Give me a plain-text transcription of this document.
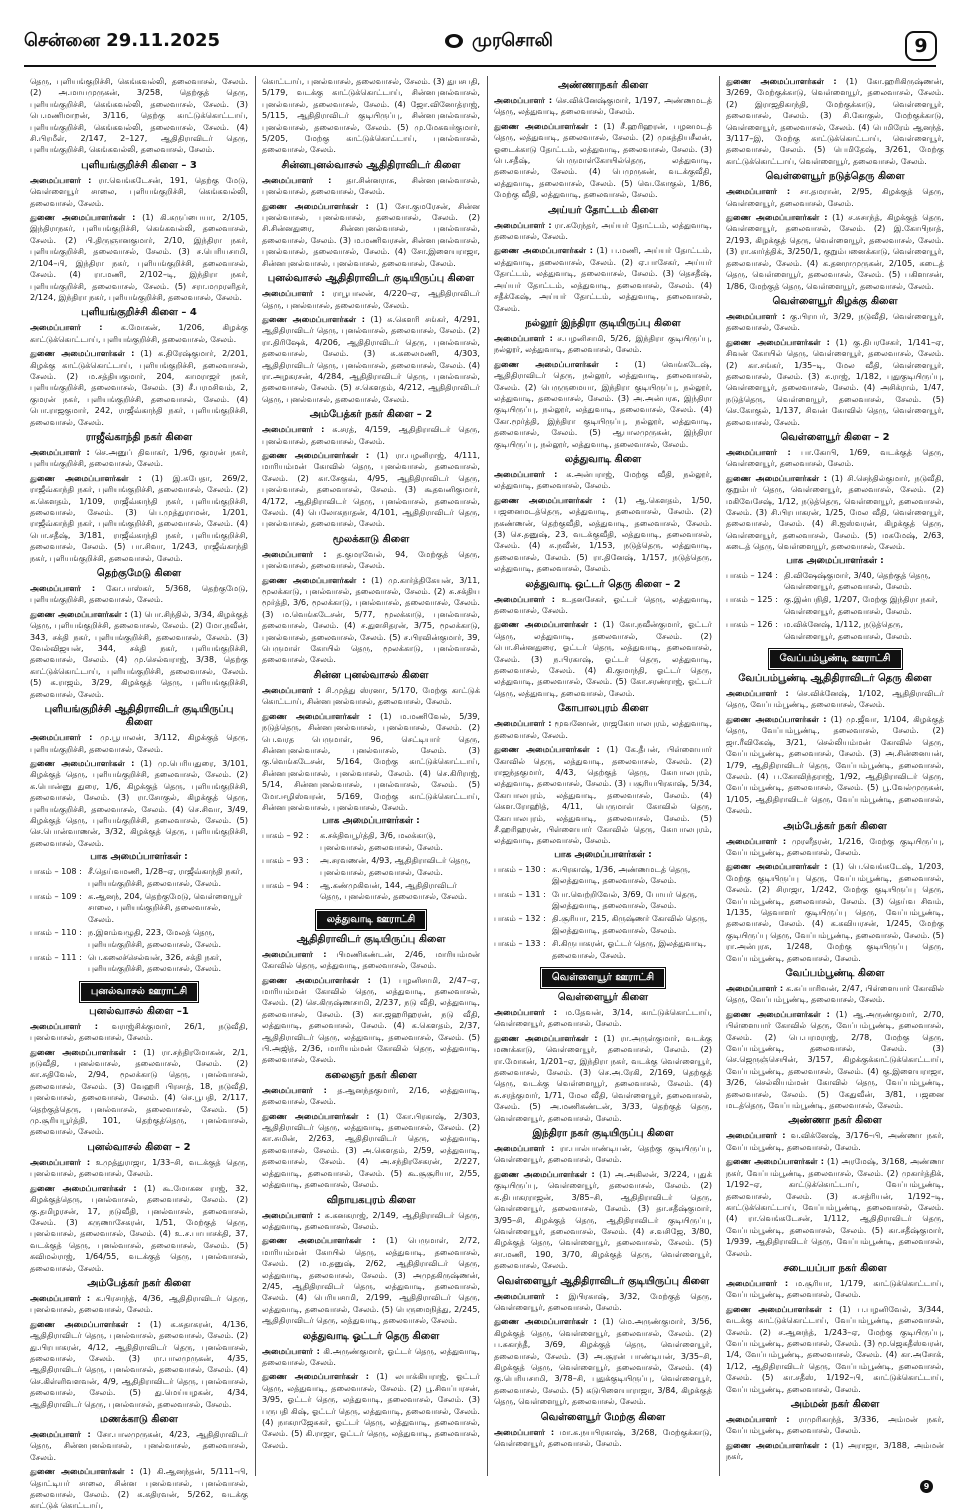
சென்னை 29.11.2025	முரசொலி	9
தெரு, புளியங்குறிச்சி, கெங்கவல்லி, தலைவாசல், சேலம். (2) அ.மாயமுருகன், 3/258, தெற்குத் தெரு, புளியங்குறிச்சி, கெங்கவல்லி, தலைவாசல், சேலம். (3) பெ.மணிமாறன், 3/116, தெற்கு காட்டுக்கொட்டாய், புளியங்குறிச்சி, கெங்கவல்லி, தலைவாசல், சேலம். (4) சி.பிரமீள், 2/147, 2–127, ஆதிதிராவிடர் தெரு, புளியங்குறிச்சி, கெங்கவல்லி, தலைவாசல், சேலம்.
புளியங்குறிச்சி கிளை – 3
அமைப்பாளர் : ரா.வெங்கடேசன், 191, தெற்கு மேடு, வெள்ளையூர் சாலை, புளியங்குறிச்சி, கெங்கவல்லி, தலைவாசல், சேலம்.
துணை அமைப்பாளர்கள் : (1) கி.கருப்பையா, 2/105, இந்திராநகர், புளியங்குறிச்சி, கெங்கவல்லி, தலைவாசல், சேலம். (2) பி.திருஞானகுமார், 2/10, இந்திரா நகர், புளியங்குறிச்சி, தலைவாசல், சேலம். (3) ச.பெரியசாமி, 2/104–பி, இந்திரா நகர், புளியங்குறிச்சி, தலைவாசல், சேலம். (4) ரா.மணி, 2/102–டி, இந்திரா நகர், புளியங்குறிச்சி, தலைவாசல், சேலம். (5) சரா.மமுரளிதர், 2/124, இந்திரா நகர், புளியங்குறிச்சி, தலைவாசல், சேலம்.
புளியங்குறிச்சி கிளை – 4
அமைப்பாளர் : க.மோகன், 1/206, கிழக்கு காட்டுக்கொட்டாய், புளியங்குறிச்சி, தலைவாசல், சேலம்.
துணை அமைப்பாளர்கள் : (1) க.திரேஷ்குமார், 2/201, கிழக்கு காட்டுக்கொட்டாய், புளியங்குறிச்சி, தலைவாசல், சேலம். (2) ம.சத்தியகுமார், 204, காமராஜர் நகர், புளியங்குறிச்சி, தலைவாசல், சேலம். (3) சீ.பரமசிவம், 2, குமரன் நகர், புளியங்குறிச்சி, தலைவாசல், சேலம். (4) பொ.ராஜகுமார், 242, ராஜீவ்காந்தி நகர், புளியங்குறிச்சி, தலைவாசல், சேலம்.
ராஜீவ்காந்தி நகர் கிளை
அமைப்பாளர் : செ.அனுப் திவாகர், 1/96, குமரன் நகர், புளியங்குறிச்சி, தலைவாசல், சேலம்.
துணை அமைப்பாளர்கள் : (1) இ.சுபேதா, 269/2, ராஜீவ்காந்தி நகர், புளியங்குறிச்சி, தலைவாசல், சேலம். (2) க.கௌதம், 1/109, ராஜீவ்காந்தி நகர், புளியங்குறிச்சி, தலைவாசல், சேலம். (3) பெ.முத்துராமன், 1/201, ராஜீவ்காந்தி நகர், புளியங்குறிச்சி, தலைவாசல், சேலம். (4) பொ.சதீஷ், 3/181, ராஜீவ்காந்தி நகர், புளியங்குறிச்சி, தலைவாசல், சேலம். (5) பா.சிவா, 1/243, ராஜீவ்காந்தி நகர், புளியங்குறிச்சி, தலைவாசல், சேலம்.
தெற்குமேடு கிளை
அமைப்பாளர் : கோ.பாஸ்கர், 5/368, தெற்குமேடு, புளியங்குறிச்சி, தலைவாசல், சேலம்.
துணை அமைப்பாளர்கள் : (1) பொ.சிந்தில், 3/34, கிழக்குத் தெரு, புளியங்குறிச்சி, தலைவாசல், சேலம். (2) மோ.நவீன், 343, சக்தி நகர், புளியங்குறிச்சி, தலைவாசல், சேலம். (3) வேல்விஜயன், 344, சக்தி நகர், புளியங்குறிச்சி, தலைவாசல், சேலம். (4) மு.செல்வராஜ், 3/38, தெற்கு காட்டுக்கொட்டாய், புளியங்குறிச்சி, தலைவாசல், சேலம். (5) க.ராஜம், 3/29, கிழக்குத் தெரு, புளியங்குறிச்சி, தலைவாசல், சேலம்.
புளியங்குறிச்சி ஆதிதிராவிடர் குடியிருப்பு கிளை
அமைப்பாளர் : மு.பூபாலன், 3/112, கிழக்குத் தெரு, புளியங்குறிச்சி, தலைவாசல், சேலம்.
துணை அமைப்பாளர்கள் : (1) மு.பெரியதுரை, 3/101, கிழக்குத் தெரு, புளியங்குறிச்சி, தலைவாசல், சேலம். (2) க.பொன்னு துரை, 1/6, கிழக்குத் தெரு, புளியங்குறிச்சி, தலைவாசல், சேலம். (3) ரா.சோகுல், கிழக்குத் தெரு, புளியங்குறிச்சி, தலைவாசல், சேலம். (4) செ.சிவா, 3/49, கிழக்குத் தெரு, புளியங்குறிச்சி, தலைவாசல், சேலம். (5) செ.பொன்வாணன், 3/32, கிழக்குத் தெரு, புளியங்குறிச்சி, தலைவாசல், சேலம்.
பாக அமைப்பாளர்கள் :
பாகம் – 108 : சீ.தெய்வமணி, 1/28–ஏ, ராஜீவ்காந்தி நகர், புளியங்குறிச்சி, தலைவாசல், சேலம்.
பாகம் – 109 : க.ஆனந், 204, தெற்குமேடு, வெள்ளையூர் சாலை, புளியங்குறிச்சி, தலைவாசல், சேலம்.
பாகம் – 110 : ந.இளம்வழுதி, 223, மேலத் தெரு, புளியங்குறிச்சி, தலைவாசல், சேலம்.
பாகம் – 111 : பெ.கலைச்செல்வன், 326, சக்தி நகர், புளியங்குறிச்சி, தலைவாசல், சேலம்.
புனல்வாசல் ஊராட்சி
புனல்வாசல் கிளை –1
அமைப்பாளர் : வராஜ்சிக்குமார், 26/1, நடுவீதி, புனல்வாசல், தலைவாசல், சேலம்.
துணை அமைப்பாளர்கள் : (1) ரா.சந்திரமோகன், 2/1, நடுவீதி, புனல்வாசல், தலைவாசல், சேலம். (2) கா.சுதிவேல், 2/94, மூலக்காடு தெரு, புனல்வாசல், தலைவாசல், சேலம். (3) வேஹரி பிரசாத், 18, நடுவீதி, புனல்வாசல், தலைவாசல், சேலம். (4) செ.பூபதி, 2/117, தெற்குத்தெரு, புனல்வாசல், தலைவாசல், சேலம். (5) மு.சூரியபூர்த்தி, 101, தெற்குத்தெரு, புனல்வாசல், தலைவாசல், சேலம்.
புனல்வாசல் கிளை – 2
அமைப்பாளர் : உமுத்துராஜா, 1/33–சி, வடக்குத் தெரு, புனல்வாசல், தலைவாசல், சேலம்.
துணை அமைப்பாளர்கள் : (1) கூ.மோகன ராஜ், 32, கிழக்குத்தெரு, புனல்வாசல், தலைவாசல், சேலம். (2) கு.தமிழரசன், 17, நடுவீதி, புனல்வாசல், தலைவாசல், சேலம். (3) கருணாசேகரன், 1/51, மேற்குத் தெரு, புனல்வாசல், தலைவாசல், சேலம். (4) உ.ச.பாபாசக்தி, 37, வடக்குத் தெரு, புனல்வாசல், தலைவாசல், சேலம். (5) கவிமல்ராஜ், 1/64/55, வடக்குத் தெரு, புனல்வாசல், தலைவாசல், சேலம்.
அம்பேத்கர் நகர் கிளை
அமைப்பாளர் : க.பிரசாந்த், 4/36, ஆதிதிராவிடர் தெரு, புனல்வாசல், தலைவாசல், சேலம்.
துணை அமைப்பாளர்கள் : (1) க.சுதாகரன், 4/136, ஆதிதிராவிடர் தெரு, புனல்வாசல், தலைவாசல், சேலம். (2) து.பிரபாகரன், 4/12, ஆதிதிராவிடர் தெரு, புனல்வாசல், தலைவாசல், சேலம். (3) ரா.பாலமுருகன், 4/35, ஆதிதிராவிடர் தெரு, புனல்வாசல், தலைவாசல், சேலம். (4) செ.கிள்ளிவளவன், 4/9, ஆதிதிராவிடர் தெரு, புனல்வாசல், தலைவாசல், சேலம். (5) து.மெய்யழகன், 4/34, ஆதிதிராவிடர் தெரு, புனல்வாசல், தலைவாசல், சேலம்.
மணக்காடு கிளை
அமைப்பாளர் : சோ.பாலமுருகன், 4/23, ஆதிதிராவிடர் தெரு, சின்னபுனல்வாசல், புனல்வாசல், தலைவாசல், சேலம்.
துணை அமைப்பாளர்கள் : (1) கி.ஆனந்தன், 5/111–பி, தொட்டியர் சாலை, சின்ன புனல்வாசல், புனல்வாசல், தலைவாசல், சேலம். (2) க.கதிரவன், 5/262, வடக்கு காட்டுக் கொட்டாய்,
கொட்டாய், புனல்வாசல், தலைவாசல், சேலம். (3) துபசபதி, 5/179, வடக்கு காட்டுக்கொட்டாய், சின்னபுனல்வாசல், புனல்வாசல், தலைவாசல், சேலம். (4) ஜோ.வினோத்ராஜ், 5/115, ஆதிதிராவிடர் குடியிருப்பு, சின்னபுனல்வாசல், புனல்வாசல், தலைவாசல், சேலம். (5) மு.மேகவர்குமார், 5/205, மேற்கு காட்டுக்கொட்டாய், புனல்வாசல், தலைவாசல், சேலம்.
சின்னபுனல்வாசல் ஆதிதிராவிடர் கிளை
அமைப்பாளர் : தா.சின்னராசு, சின்னபுனல்வாசல், புனல்வாசல், தலைவாசல், சேலம்.
துணை அமைப்பாளர்கள் : (1) சோ.குமரேசன், சின்ன புனல்வாசல், புனல்வாசல், தலைவாசல், சேலம். (2) சி.சின்னதுரை, சின்னபுனல்வாசல், புனல்வாசல், தலைவாசல், சேலம். (3) ம.மணிவரசன், சின்னபுனல்வாசல், புனல்வாசல், தலைவாசல், சேலம். (4) சோ.இளையராஜா, சின்னபுனல்வாசல், புனல்வாசல், தலைவாசல், சேலம்.
புனல்வாசல் ஆதிதிராவிடர் குடியிருப்பு கிளை
அமைப்பாளர் : ராபூபாலன், 4/220–ஏ, ஆதிதிராவிடர் தெரு, புனல்வாசல், தலைவாசல், சேலம்.
துணை அமைப்பாளர்கள் : (1) சு.கெளரி சங்கர், 4/291, ஆதிதிராவிடர் தெரு, புனல்வாசல், தலைவாசல், சேலம். (2) ரா.திரிஷேக், 4/206, ஆதிதிராவிடர் தெரு, புனல்வாசல், தலைவாசல், சேலம். (3) சு.கலைமணி, 4/303, ஆதிதிராவிடர் தெரு, புனல்வாசல், தலைவாசல், சேலம். (4) ரா.அழகரசன், 4/284, ஆதிதிராவிடர் தெரு, புனல்வாசல், தலைவாசல், சேலம். (5) ச.கௌதம், 4/212, ஆதிதிராவிடர் தெரு, புனல்வாசல், தலைவாசல், சேலம்.
அம்பேத்கர் நகர் கிளை – 2
அமைப்பாளர் : சு.சரத், 4/159, ஆதிதிராவிடர் தெரு, புனல்வாசல், தலைவாசல், சேலம்.
துணை அமைப்பாளர்கள் : (1) ரா.பழனிராஜ், 4/111, மாரியம்மன் கோவில் தெரு, புனல்வாசல், தலைவாசல், சேலம். (2) கா.சேகுவ், 4/95, ஆதிதிராவிடர் தெரு, புனல்வாசல், தலைவாசல், சேலம். (3) கூதவனிகுமார், 4/172, ஆதிதிராவிடர் தெரு, புனல்வாசல், தலைவாசல், சேலம். (4) பெலோகநாதன், 4/101, ஆதிதிராவிடர் தெரு, புனல்வாசல், தலைவாசல், சேலம்.
மூலக்காடு கிளை
அமைப்பாளர் : த.குமரவேல், 94, மேற்குத் தெரு, புனல்வாசல், தலைவாசல், சேலம்.
துணை அமைப்பாளர்கள் : (1) மு.கார்த்திகேயன், 3/11, மூலக்காடு, புனல்வாசல், தலைவாசல், சேலம். (2) சு.சக்திய மூர்த்தி, 3/6, மூலக்காடு, புனல்வாசல், தலைவாசல், சேலம். (3) ம.வெங்கடேசன், 5/77, மூலக்காடு, புனல்வாசல், தலைவாசல், சேலம். (4) ச.துளசிதரன், 3/75, மூலக்காடு, புனல்வாசல், தலைவாசல், சேலம். (5) ச.பிரவின்குமார், 39, பெருமாள் கோயில் தெரு, மூலக்காடு, புனல்வாசல், தலைவாசல், சேலம்.
சின்ன புனல்வாசல் கிளை
அமைப்பாளர் : சி.முத்து ஸ்ரனா, 5/170, மேற்கு காட்டுக் கொட்டாய், சின்னபுனல்வாசல், தலைவாசல், சேலம்.
துணை அமைப்பாளர்கள் : (1) ம.மணிவேல், 5/39, நடுத்தெரு, சின்னபுனல்வாசல், புனல்வாசல், சேலம். (2) பெ.வரத பெருமாள், 96, செட்டியார் தெரு, சின்னபுனல்வாசல், புனல்வாசல், சேலம். (3) கு.வெங்கடேசன், 5/164, மேற்கு காட்டுக்கொட்டாய், சின்னபுனல்வாசல், புனல்வாசல், சேலம். (4) செ.கிரிராஜ், 5/14, சின்னபுனல்வாசல், புனல்வாசல், சேலம். (5) மோ.ஈழிஸ்வரன், 5/169, மேற்கு காட்டுக்கொட்டாய், சின்னபுனல்வாசல், புனல்வாசல், சேலம்.
பாக அமைப்பாளர்கள் :
பாகம் – 92 :	க.சக்திவபூர்த்தி, 3/6, மலக்காடு, புனல்வாசல், தலைவாசல், சேலம்.
பாகம் – 93 :	அ.சரவணன், 4/93, ஆதிதிராவிடர் தெரு, புனல்வாசல், தலைவாசல், சேலம்.
பாகம் – 94 :	ஆ.கண்முகிவன், 144, ஆதிதிராவிடர் தெரு, புனல்வாசல், தலைவாசல், சேலம்.
லத்துவாடி ஊராட்சி
ஆதிதிராவிடர் குடியிருப்பு கிளை
அமைப்பாளர் : பிமணிகண்டன், 2/46, மாரியம்மன் கோவில் தெரு, லத்துவாடி, தலைவாசல், சேலம்.
துணை அமைப்பாளர்கள் : (1) பழனிசாமி, 2/47–ஏ, மாரியம்மன் கோவில் தெரு, லத்துவாடி, தலைவாசல், சேலம். (2) செ.கிருஷ்ணசாமி, 2/237, நடு வீதி, லத்துவாடி, தலைவாசல், சேலம். (3) கா.ஜஹரிஹரன், நடு வீதி, லத்துவாடி, தலைவாசல், சேலம். (4) க.கௌதம், 2/37, ஆதிதிராவிடர் தெரு, லத்துவாடி, தலைவாசல், சேலம். (5) பி.அஜித், 2/36, மாரியம்மன் கோவில் தெரு, லத்துவாடி, தலைவாசல், சேலம்.
கலைஞர் நகர் கிளை
அமைப்பாளர் : த.ஆனந்தகுமார், 2/16, லத்துவாடி, தலைவாசல், சேலம்.
துணை அமைப்பாளர்கள் : (1) கோ.பிரகாஷ், 2/303, ஆதிதிராவிடர் தெரு, லத்துவாடி, தலைவாசல், சேலம். (2) கா.சுமின், 2/263, ஆதிதிராவிடர் தெரு, லத்துவாடி, தலைவாசல், சேலம். (3) அ.கெளதம், 2/59, லத்துவாடி, தலைவாசல், சேலம். (4) அ.சந்திரசேகரன், 2/227, லத்துவாடி, தலைவாசல், சேலம். (5) கூ.சூசூரியா, 2/55, லத்துவாடி, தலைவாசல், சேலம்.
விநாயகபுரம் கிளை
அமைப்பாளர் : சு.கனகராஜ், 2/149, ஆதிதிராவிடர் தெரு, லத்துவாடி, தலைவாசல், சேலம்.
துணை அமைப்பாளர்கள் : (1) பெருமாள், 2/72, மாரியம்மன் கோயில் தெரு, லத்துவாடி, தலைவாசல், சேலம். (2) ம.தனுஷ், 2/62, ஆதிதிராவிடர் தெரு, லத்துவாடி, தலைவாசல், சேலம். (3) அமுதகிருஷ்ணன், 2/45, ஆதிதிராவிடர் தெரு, லத்துவாடி, தலைவாசல், சேலம். (4) பெரியசாமி, 2/199, ஆதிதிராவிடர் தெரு, லத்துவாடி, தலைவாசல், சேலம். (5) பெருமைநித்து, 2/245, ஆதிதிராவிடர் தெரு, லத்துவாடி, தலைவாசல், சேலம்.
லத்துவாடி ஓட்டர் தெரு கிளை
அமைப்பாளர் : கி.அருண்குமார், ஓட்டர் தெரு, லத்துவாடி, தலைவாசல், சேலம்.
துணை அமைப்பாளர்கள் : (1) லபாக்கியராஜ், ஓட்டர் தெரு, லத்துவாடி, தலைவாசல், சேலம். (2) பூ.சிவப்பரசன், 3/95, ஓட்டர் தெரு, லத்துவாடி, தலைவாசல், சேலம். (3) பருபதி கிஷ், ஓட்டர் தெரு, லத்துவாடி, தலைவாசல், சேலம். (4) நாகராஜேசுகர், ஓட்டர் தெரு, லத்துவாடி, தலைவாசல், சேலம். (5) கி.ராஜா, ஓட்டர் தெரு, லத்துவாடி, தலைவாசல், சேலம்.
அண்ணாநகர் கிளை
அமைப்பாளர் : செ.விக்னேஷ்குமார், 1/197, அண்ணமடத் தெரு, லத்துவாடி, தலைவாசல், சேலம்.
துணை அமைப்பாளர்கள் : (1) சீ.ஹரிஹரன், பழனமடத் தெரு, லத்துவாடி, தலைவாசல், சேலம். (2) முகத்தியசீலன், ஓடைக்காடு தோட்டம், லத்துவாடி, தலைவாசல், சேலம். (3) பெ.சதீஷ், பெருமாள்கோயில்தெரு, லத்துவாடி, தலைவாசல், சேலம். (4) பெமுருகன், வடக்குவீதி, லத்துவாடி, தலைவாசல், சேலம். (5) வெ.கோகுல், 1/86, மேற்கு வீதி, லத்துவாடி, தலைவாசல், சேலம்.
அய்யர் தோட்டம் கிளை
அமைப்பாளர் : ரா.சுரேந்தர், அய்யர் தோட்டம், லத்துவாடி, தலைவாசல், சேலம்.
துணை அமைப்பாளர்கள் : (1) ப.மணி, அய்யர் தோட்டம், லத்துவாடி, தலைவாசல், சேலம். (2) ஏ.பாசேகர், அய்யர் தோட்டம், லத்துவாடி, தலைவாசல், சேலம். (3) தெசதீஷ், அய்யர் தோட்டம், லத்துவாடி, தலைவாசல், சேலம். (4) சதீக்கேஷ், அய்யர் தோட்டம், லத்துவாடி, தலைவாசல், சேலம்.
நல்லூர் இந்திரா குடியிருப்பு கிளை
அமைப்பாளர் : ச.பழனிசாமி, 5/26, இந்திரா குடியிருப்பு, நல்லூர், லத்துவாடி, தலைவாசல், சேலம்.
துணை அமைப்பாளர்கள் : (1) வெங்கடேஷ், ஆதிதிராவிடர் தெரு, நல்லூர், லத்துவாடி, தலைவாசல், சேலம். (2) பெருருமையா, இந்திரா குடியிருப்பு, நல்லூர், லத்துவாடி, தலைவாசல், சேலம். (3) அ.அன்பரசு, இந்திரா குடியிருப்பு, நல்லூர், லத்துவாடி, தலைவாசல், சேலம். (4) கோ.மூர்த்தி, இந்திரா குடியிருப்பு, நல்லூர், லத்துவாடி, தலைவாசல், சேலம். (5) ஆபாலமுருகன், இந்திரா குடியிருப்பு, நல்லூர், லத்துவாடி, தலைவாசல், சேலம்.
லத்துவாடி கிளை
அமைப்பாளர் : க.அன்பராஜ், மேற்கு வீதி, நல்லூர், லத்துவாடி, தலைவாசல், சேலம்.
துணை அமைப்பாளர்கள் : (1) ஆ.கௌதம், 1/50, பஜனைமடத்தெரு, லத்துவாடி, தலைவாசல், சேலம். (2) நகண்ணன், தெற்குவீதி, லத்துவாடி, தலைவாசல், சேலம். (3) செ.தனுஷ், 23, வடக்குவீதி, லத்துவாடி, தலைவாசல், சேலம். (4) சு.நவீன், 1/153, நடுத்தெரு, லத்துவாடி, தலைவாசல், சேலம். (5) ரா.தினேஷ், 1/157, நடுத்தெரு, லத்துவாடி, தலைவாசல், சேலம்.
லத்துவாடி ஒட்டர் தெரு கிளை – 2
அமைப்பாளர் : உ.தனசேகர், ஓட்டர் தெரு, லத்துவாடி, தலைவாசல், சேலம்.
துணை அமைப்பாளர்கள் : (1) கோ.நவீன்குமார், ஓட்டர் தெரு, லத்துவாடி, தலைவாசல், சேலம். (2) பொ.சின்னதுரை, ஓட்டர் தெரு, லத்துவாடி, தலைவாசல், சேலம். (3) ந.பிரகாஷ், ஓட்டர் தெரு, லத்துவாடி, தலைவாசல், சேலம். (4) கி.குமாந்தி, ஓட்டர் தெரு, லத்துவாடி, தலைவாசல், சேலம். (5) கோ.சரண்ராஜ், ஓட்டர் தெரு, லத்துவாடி, தலைவாசல், சேலம்.
கோபாலபுரம் கிளை
அமைப்பாளர் : மூவனோன், ராஜகோபாலபுரம், லத்துவாடி, தலைவாசல், சேலம்.
துணை அமைப்பாளர்கள் : (1) கே.தீபன், பிள்ளையார் கோவில் தெரு, லத்துவாடி, தலைவாசல், சேலம். (2) ராஜந்தகுமார், 4/43, தெற்குத் தெரு, கோபாலபுரம், லத்துவாடி, தலைவாசல், சேலம். (3) பசூரியபிரகாஷ், 5/34, கோபாலபுரம், லத்துவாடி, தலைவாசல், சேலம். (4) கௌ.ரோஹித், 4/11, பெருமாள் கோவில் தெரு, கோபாலபுரம், லத்துவாடி, தலைவாசல், சேலம். (5) சீ.ஹரிஹரன், பிள்ளையார் கோவில் தெரு, கோபாலபுரம், லத்துவாடி, தலைவாசல், சேலம்.
பாக அமைப்பாளர்கள் :
பாகம் – 130 : சு.பிரகாஷ், 1/36, அண்ணமடத் தெரு, இலத்துவாடி, தலைவாசல், சேலம்.
பாகம் – 131 : போ.வெற்றிவேல், 3/69, போயர் தெரு, இலத்துவாடி, தலைவாசல், சேலம்.
பாகம் – 132 : தி.சூரியா, 215, கிருஷ்ணர் கோவில் தெரு, இலத்துவாடி, தலைவாசல், சேலம்.
பாகம் – 133 : சி.கிருபாகரன், ஓட்டர் தெரு, இலத்துவாடி, தலைவாசல், சேலம்.
வெள்ளையூர் ஊராட்சி
வெள்ளையூர் கிளை
அமைப்பாளர் : ம.தேவன், 3/14, காட்டுக்கொட்டாய், வெள்ளையூர், தலைவாசல், சேலம்.
துணை அமைப்பாளர்கள் : (1) ரா.அருள்குமார், வடக்கு மணக்காடு, வெள்ளையூர், தலைவாசல், சேலம். (2) ரா.மோகன், 1/201–ஏ, இந்திரா நகர், வடக்கு வெள்ளையூர், தலைவாசல், சேலம். (3) செ.அ.ரேகி, 2/169, தெற்குத் தெரு, வடக்கு வெள்ளையூர், தலைவாசல், சேலம். (4) சு.சரத்குமார், 1/71, மேல வீதி, வெள்ளையூர், தலைவாசல், சேலம். (5) அ.மணிகண்டன், 3/33, தெற்குத் தெரு, வெள்ளையூர், தலைவாசல், சேலம்.
இந்திரா நகர் குடியிருப்பு கிளை
அமைப்பாளர் : ரா.பால்பாண்டியன், தெற்கு குடியிருப்பு, வெள்ளையூர், தலைவாசல், சேலம்.
துணை அமைப்பாளர்கள் : (1) அ.அகிலன், 3/224, புதுக் குடியிருப்பு, வெள்ளையூர், தலைவாசல், சேலம். (2) க.திபாகரராஜன், 3/85–சி, ஆதிதிராவிடர் தெரு, வெள்ளையூர், தலைவாசல், சேலம். (3) தா.சதீஷ்குமார், 3/95–சி, கிழக்குத் தெரு, ஆதிதிராவிடர் குடியிருப்பு, வெள்ளையூர், தலைவாசல், சேலம். (4) ச.வசிஜே, 3/80, கிழக்குத் தெரு, வெள்ளையூர், தலைவாசல், சேலம். (5) சா.மணி, 190, 3/70, கிழக்குத் தெரு, வெள்ளையூர், தலைவாசல், சேலம்.
வெள்ளையூர் ஆதிதிராவிடர் குடியிருப்பு கிளை
அமைப்பாளர் : இபிரகாஷ், 3/32, மேற்குத் தெரு, வெள்ளையூர், தலைவாசல், சேலம்.
துணை அமைப்பாளர்கள் : (1) மெ.அருண்குமார், 3/56, கிழக்குத் தெரு, வெள்ளையூர், தலைவாசல், சேலம். (2) ப.சுகாந்தீ, 3/69, கிழக்குத் தெரு, வெள்ளையூர், தலைவாசல், சேலம். (3) அ.சூரன் பாண்டியன், 3/35–சி, கிழக்குத் தெரு, வெள்ளையூர், தலைவாசல், சேலம். (4) கு.பெரியசாமி, 3/78–சி, புதுக்குடியிருப்பு, வெள்ளையூர், தலைவாசல், சேலம். (5) கடுபிளையாராஜா, 3/84, கிழக்குத் தெரு, வெள்ளையூர், தலைவாசல், சேலம்.
வெள்ளையூர் மேற்கு கிளை
அமைப்பாளர் : மா.க.நயபிரகாஷ், 3/268, மேற்குக்காடு, வெள்ளையூர், தலைவாசல், சேலம்.
துணை அமைப்பாளர்கள் : (1) கோ.ஹரிகிருஷ்ணன், 3/269, மேற்குக்காடு, வெள்ளையூர், தலைவாசல், சேலம். (2) இராஜதிகாந்தி, மேற்குக்காடு, வெள்ளையூர், தலைவாசல், சேலம். (3) சி.கோகுல், மேற்குக்காடு, வெள்ளையூர், தலைவாசல், சேலம். (4) பெமிரேம் ஆனந்த், 3/117–இ, மேற்கு காட்டுக்கொட்டாய், வெள்ளையூர், தலைவாசல், சேலம். (5) பெமிதேஷ், 3/261, மேற்கு காட்டுக்கொட்டாய், வெள்ளையூர், தலைவாசல், சேலம்.
வெள்ளையூர் நடுத்தெரு கிளை
அமைப்பாளர் : சா.தமரான், 2/95, கிழக்குத் தெரு, வெள்ளையூர், தலைவாசல், சேலம்.
துணை அமைப்பாளர்கள் : (1) ச.சுசாந்த், கிழக்குத் தெரு, வெள்ளையூர், தலைவாசல், சேலம். (2) இ.கோபிநாத், 2/193, கிழக்குத் தெரு, வெள்ளையூர், தலைவாசல், சேலம். (3) ரா.கார்த்திக், 3/250/1, குறும்பனைக்காடு, வெள்ளையூர், தலைவாசல், சேலம். (4) க.தனராமுருகன், 2/105, கடைத் தெரு, வெள்ளையூர், தலைவாசல், சேலம். (5) பகிளாசன், 1/86, மேற்குத் தெரு, வெள்ளையூர், தலைவாசல், சேலம்.
வெள்ளையூர் கிழக்கு கிளை
அமைப்பாளர் : கு.பிராபர், 3/29, நடுவீதி, வெள்ளையூர், தலைவாசல், சேலம்.
துணை அமைப்பாளர்கள் : (1) கு.திபரசேகர், 1/141–ஏ, சிவன் கோயில் தெரு, வெள்ளையூர், தலைவாசல், சேலம். (2) கா.சங்கர், 1/35–டி, மேல வீதி, வெள்ளையூர், தலைவாசல், சேலம். (3) சு.ராஜ், 1/182, புதுகுடியிருப்பு, வெள்ளையூர், தலைவாசல், சேலம். (4) அசிக்ராம், 1/47, நடுத்தெரு, வெள்ளையூர், தலைவாசல், சேலம். (5) செ.கோகுல், 1/137, சிவன் கோவில் தெரு, வெள்ளையூர், தலைவாசல், சேலம்.
வெள்ளையூர் கிளை – 2
அமைப்பாளர் : பா.கோபி, 1/69, வடக்குத் தெரு, வெள்ளையூர், தலைவாசல், சேலம்.
துணை அமைப்பாளர்கள் : (1) சி.செந்தில்குமார், நடுவீதி, குறும்பர் தெரு, வெள்ளையூர், தலைவாசல், சேலம். (2) மகிவேசேஷ், 1/12, நடுத்தெரு, வெள்ளையூர், தலைவாசல், சேலம். (3) சி.பிரபாகரன், 1/25, மேல வீதி, வெள்ளையூர், தலைவாசல், சேலம். (4) சி.ஐஸ்வரன், கிழக்குத் தெரு, வெள்ளையூர், தலைவாசல், சேலம். (5) மகமேஷ், 2/63, கடைத் தெரு, வெள்ளையூர், தலைவாசல், சேலம்.
பாக அமைப்பாளர்கள் :
பாகம் – 124 : தி.விஷேஷ்குமார், 3/40, தெற்குத் தெரு, வெள்ளையூர், தலைவாசல், சேலம்.
பாகம் – 125 : கு.இன்பநிதி, 1/207, மேற்கு இந்திரா நகர், வெள்ளையூர், தலைவாசல், சேலம்.
பாகம் – 126 : ம.விக்னேஷ், 1/112, நடுத்தெரு, வெள்ளையூர், தலைவாசல், சேலம்.
வேப்பம்பூண்டி ஊராட்சி
வேப்பம்பூண்டி ஆதிதிராவிடர் தெரு கிளை
அமைப்பாளர் : செ.விக்னேஷ், 1/102, ஆதிதிராவிடர் தெரு, வேப்பம்பூண்டி, தலைவாசல், சேலம்.
துணை அமைப்பாளர்கள் : (1) மு.ஜீவா, 1/104, கிழக்குத் தெரு, வேப்பம்பூண்டி, தலைவாசல், சேலம். (2) ஜா.ரீவிகேஷ், 3/21, செல்லியம்மன் கோவில் தெரு, வேப்பம்பூண்டி, தலைவாசல், சேலம். (3) அ.சின்னையன், 1/79, ஆதிதிராவிடர் தெரு, வேப்பம்பூண்டி, தலைவாசல், சேலம். (4) ப.கோவிந்தராஜ், 1/92, ஆதிதிராவிடர் தெரு, வேப்பம்பூண்டி, தலைவாசல், சேலம். (5) பூ.வேல்முருகன், 1/105, ஆதிதிராவிடர் தெரு, வேப்பம்பூண்டி, தலைவாசல், சேலம்.
அம்பேத்கர் நகர் கிளை
அமைப்பாளர் : முரளீதரன், 1/216, மேற்கு குடியிருப்பு, வேப்பம்பூண்டி, தலைவாசல், சேலம்.
துணை அமைப்பாளர்கள் : (1) பெ.வெங்கடேஷ், 1/203, மேற்கு குடியிருப்பு தெரு, வேப்பம்பூண்டி, தலைவாசல், சேலம். (2) சிராஜா, 1/242, மேற்கு குடியிருப்பு தெரு, வேப்பம்பூண்டி, தலைவாசல், சேலம். (3) தெய்வ சிவம், 1/135, தெவாளர் குடியிருப்பு தெரு, வேப்பம்பூண்டி, தலைவாசல், சேலம். (4) க.கவியரசன், 1/245, மேற்கு குடியிருப்பு தெரு, வேப்பம்பூண்டி, தலைவாசல், சேலம். (5) ரா.அன்புரசு, 1/248, மேற்கு குடியிருப்பு தெரு, வேப்பம்பூண்டி, தலைவாசல், சேலம்.
வேப்பம்பூண்டி கிளை
அமைப்பாளர் : க.சுப்பாரிவன், 2/47, பிள்ளையார் கோவில் தெரு, வேப்பம்பூண்டி, தலைவாசல், சேலம்.
துணை அமைப்பாளர்கள் : (1) ஆ.அருண்குமார், 2/70, பிள்ளையார் கோவில் தெரு, வேப்பம்பூண்டி, தலைவாசல், சேலம். (2) பெ.பரமராஜ், 2/78, மேற்கு தெரு, வேப்பம்பூண்டி, தலைவாசல், சேலம். (3) செ.ஜெருஞ்செயின், 3/157, கிழக்குக்காட்டுக்கொட்டாய், வேப்பம்பூண்டி, தலைவாசல், சேலம். (4) கு.இளையராஜா, 3/26, செல்லியம்மன் கோவில் தெரு, வேப்பம்பூண்டி, தலைவாசல், சேலம். (5) கேதுவீன், 3/81, பஜனை மடத்தெரு, வேப்பம்பூண்டி, தலைவாசல், சேலம்.
அண்ணா நகர் கிளை
அமைப்பாளர் : வ.விக்னேஷ், 3/176–பி, அண்ணா நகர், வேப்பம்பூண்டி, தலைவாசல், சேலம்.
துணை அமைப்பாளர்கள் : (1) அரமேஷ், 3/168, அண்ணா நகர், வேப்பம்பூண்டி, தலைவாசல், சேலம். (2) முகார்த்திக், 1/192–ஏ, காட்டுக்கொட்டாய், வேப்பம்பூண்டி, தலைவாசல், சேலம். (3) சு.சத்ரியன், 1/192–டி, காட்டுக்கொட்டாய், வேப்பம்பூண்டி, தலைவாசல், சேலம். (4) ரா.வெங்கடேசன், 1/112, ஆதிதிராவிடர் தெரு, வேப்பம்பூண்டி, தலைவாசல், சேலம். (5) கா.சதீஷ்குமார், 1/939, ஆதிதிராவிடர் தெரு, வேப்பம்பூண்டி, தலைவாசல், சேலம்.
சடையப்பா நகர் கிளை
அமைப்பாளர் : ம.சூரியா, 1/179, காட்டுக்கொட்டாய், வேப்பம்பூண்டி, தலைவாசல், சேலம்.
துணை அமைப்பாளர்கள் : (1) ப.பழனிவேல், 3/344, வடக்கு காட்டுக்கொட்டாய், வேப்பம்பூண்டி, தலைவாசல், சேலம். (2) ச.ஆனந்த், 1/243–ஏ, மேற்கு குடியிருப்பு, வேப்பம்பூண்டி, தலைவாசல், சேலம். (3) மூ.ஜெகதீஸ்வரன், 1/4, வேப்பம்பூண்டி, தலைவாசல், சேலம். (4) கா.அசோக், 1/12, ஆதிதிராவிடர் தெரு, வேப்பம்பூண்டி, தலைவாசல், சேலம். (5) கா.சதீஸ், 1/192–பி, காட்டுக்கொட்டாய், வேப்பம்பூண்டி, தலைவாசல், சேலம்.
அம்மன் நகர் கிளை
அமைப்பாளர் : ராமுரிகாந்த், 3/336, அம்மன் நகர், வேப்பம்பூண்டி, தலைவாசல், சேலம்.
துணை அமைப்பாளர்கள் : (1) அராஜா, 3/188, அம்மன் நகர்,
9
